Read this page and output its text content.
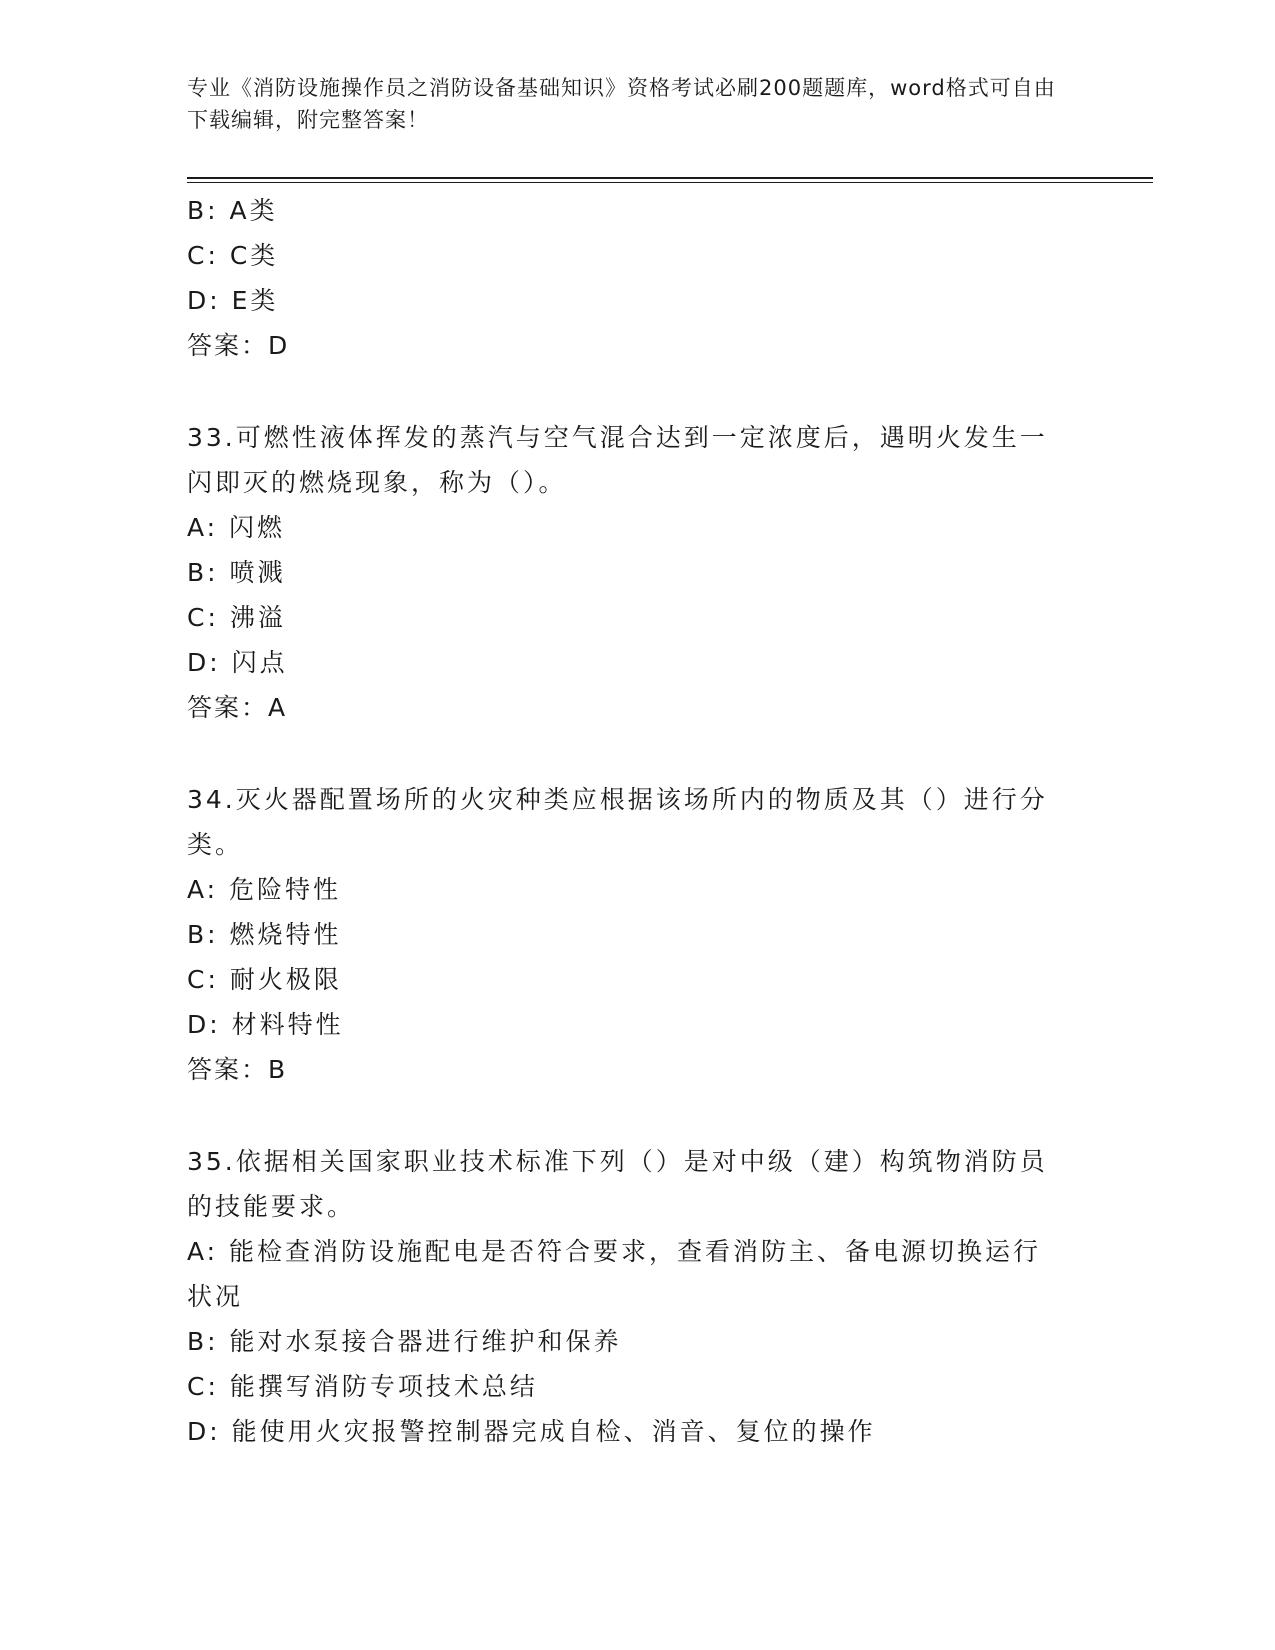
专业《消防设施操作员之消防设备基础知识》资格考试必刷200题题库，word格式可自由下载编辑，附完整答案！
B: A类
C: C类
D: E类
答案：D
33.可燃性液体挥发的蒸汽与空气混合达到一定浓度后，遇明火发生一闪即灭的燃烧现象，称为（）。
A: 闪燃
B: 喷溅
C: 沸溢
D: 闪点
答案：A
34.灭火器配置场所的火灾种类应根据该场所内的物质及其（）进行分类。
A: 危险特性
B: 燃烧特性
C: 耐火极限
D: 材料特性
答案：B
35.依据相关国家职业技术标准下列（）是对中级（建）构筑物消防员的技能要求。
A: 能检查消防设施配电是否符合要求，查看消防主、备电源切换运行状况
B: 能对水泵接合器进行维护和保养
C: 能撰写消防专项技术总结
D: 能使用火灾报警控制器完成自检、消音、复位的操作
